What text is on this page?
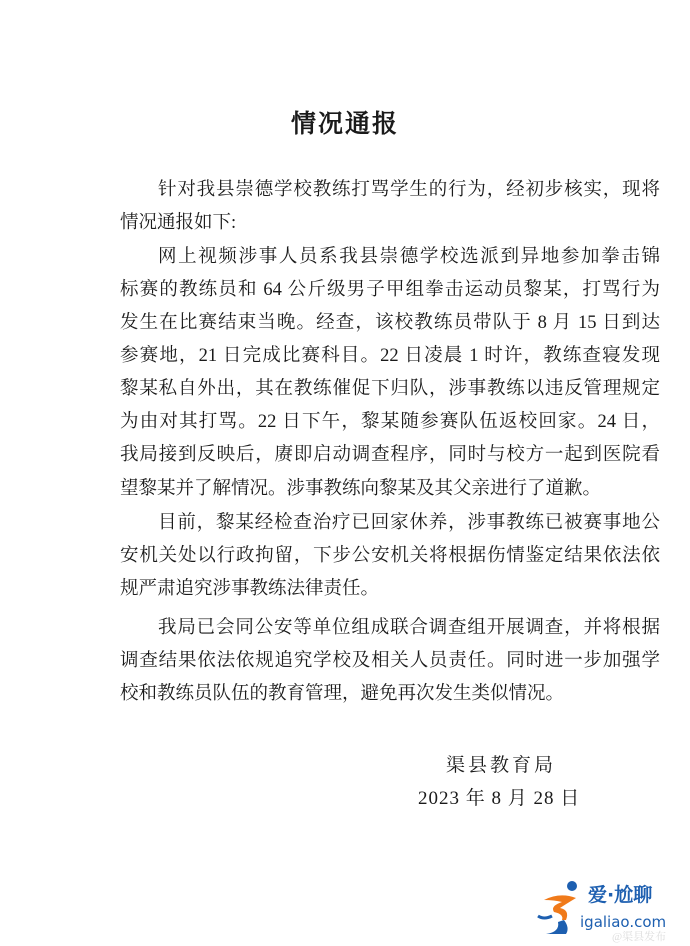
情况通报
针对我县崇德学校教练打骂学生的行为，经初步核实，现将
情况通报如下:
网上视频涉事人员系我县崇德学校选派到异地参加拳击锦
标赛的教练员和 64 公斤级男子甲组拳击运动员黎某，打骂行为
发生在比赛结束当晚。经查，该校教练员带队于 8 月 15 日到达
参赛地，21 日完成比赛科目。22 日凌晨 1 时许，教练查寝发现
黎某私自外出，其在教练催促下归队，涉事教练以违反管理规定
为由对其打骂。22 日下午，黎某随参赛队伍返校回家。24 日，
我局接到反映后，赓即启动调查程序，同时与校方一起到医院看
望黎某并了解情况。涉事教练向黎某及其父亲进行了道歉。
目前，黎某经检查治疗已回家休养，涉事教练已被赛事地公
安机关处以行政拘留，下步公安机关将根据伤情鉴定结果依法依
规严肃追究涉事教练法律责任。
我局已会同公安等单位组成联合调查组开展调查，并将根据
调查结果依法依规追究学校及相关人员责任。同时进一步加强学
校和教练员队伍的教育管理，避免再次发生类似情况。
渠县教育局
2023 年 8 月 28 日
爱·尬聊
igaliao.com
@渠县发布
